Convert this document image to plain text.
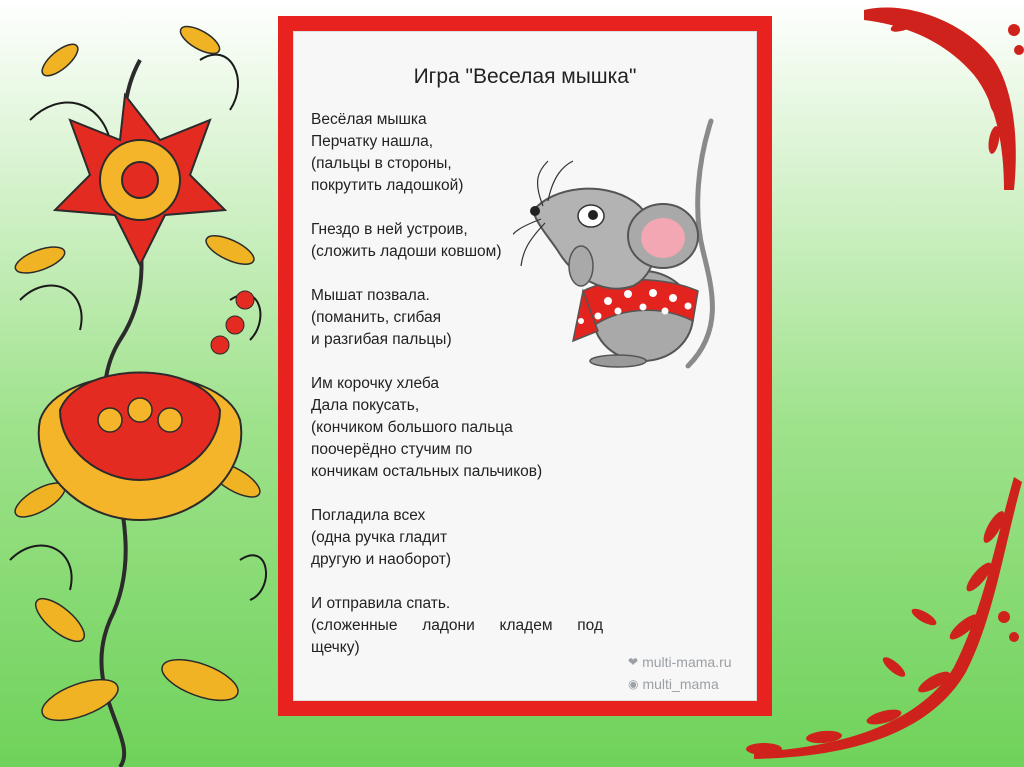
Игра "Веселая мышка"
Весёлая мышка
Перчатку нашла,
(пальцы в стороны,
покрутить ладошкой)
Гнездо в ней устроив,
(сложить ладоши ковшом)
Мышат позвала.
(поманить, сгибая
и разгибая пальцы)
Им корочку хлеба
Дала покусать,
(кончиком большого пальца
поочерёдно стучим по
кончикам остальных пальчиков)
Погладила всех
(одна ручка гладит
другую и наоборот)
И отправила спать.
(сложенные ладони кладем под
щечку)
❤ multi-mama.ru
◉ multi_mama
